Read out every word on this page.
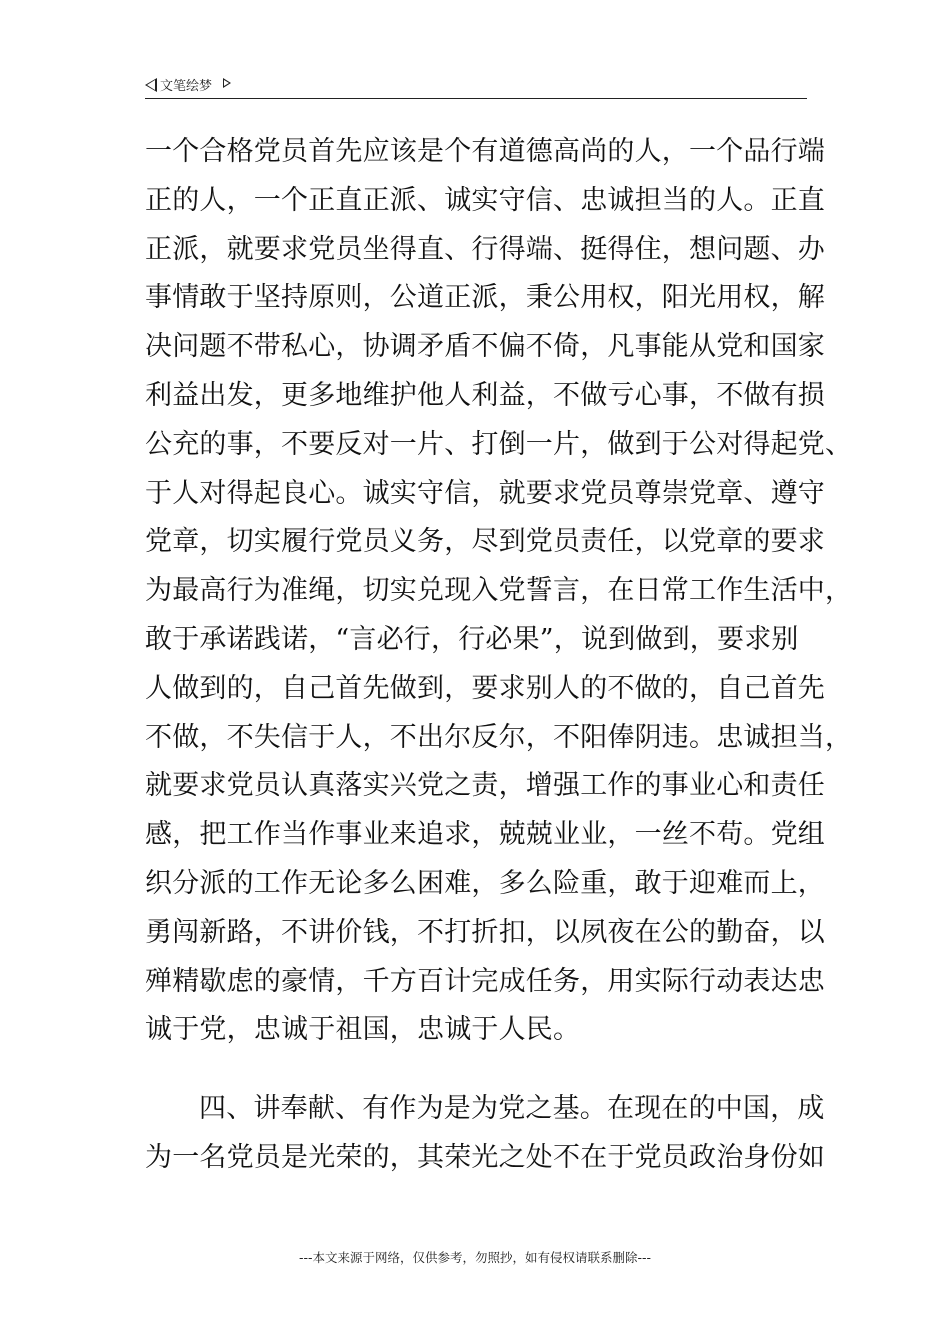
文笔绘梦
一个合格党员首先应该是个有道德高尚的人，一个品行端
正的人，一个正直正派、诚实守信、忠诚担当的人。正直
正派，就要求党员坐得直、行得端、挺得住，想问题、办
事情敢于坚持原则，公道正派，秉公用权，阳光用权，解
决问题不带私心，协调矛盾不偏不倚，凡事能从党和国家
利益出发，更多地维护他人利益，不做亏心事，不做有损
公充的事，不要反对一片、打倒一片，做到于公对得起党、
于人对得起良心。诚实守信，就要求党员尊崇党章、遵守
党章，切实履行党员义务，尽到党员责任，以党章的要求
为最高行为准绳，切实兑现入党誓言，在日常工作生活中，
敢于承诺践诺，“言必行，行必果”，说到做到，要求别
人做到的，自己首先做到，要求别人的不做的，自己首先
不做，不失信于人，不出尔反尔，不阳俸阴违。忠诚担当，
就要求党员认真落实兴党之责，增强工作的事业心和责任
感，把工作当作事业来追求，兢兢业业，一丝不苟。党组
织分派的工作无论多么困难，多么险重，敢于迎难而上，
勇闯新路，不讲价钱，不打折扣，以夙夜在公的勤奋，以
殚精歇虑的豪情，千方百计完成任务，用实际行动表达忠
诚于党，忠诚于祖国，忠诚于人民。
四、讲奉献、有作为是为党之基。在现在的中国，成
为一名党员是光荣的，其荣光之处不在于党员政治身份如
---本文来源于网络，仅供参考，勿照抄，如有侵权请联系删除---
